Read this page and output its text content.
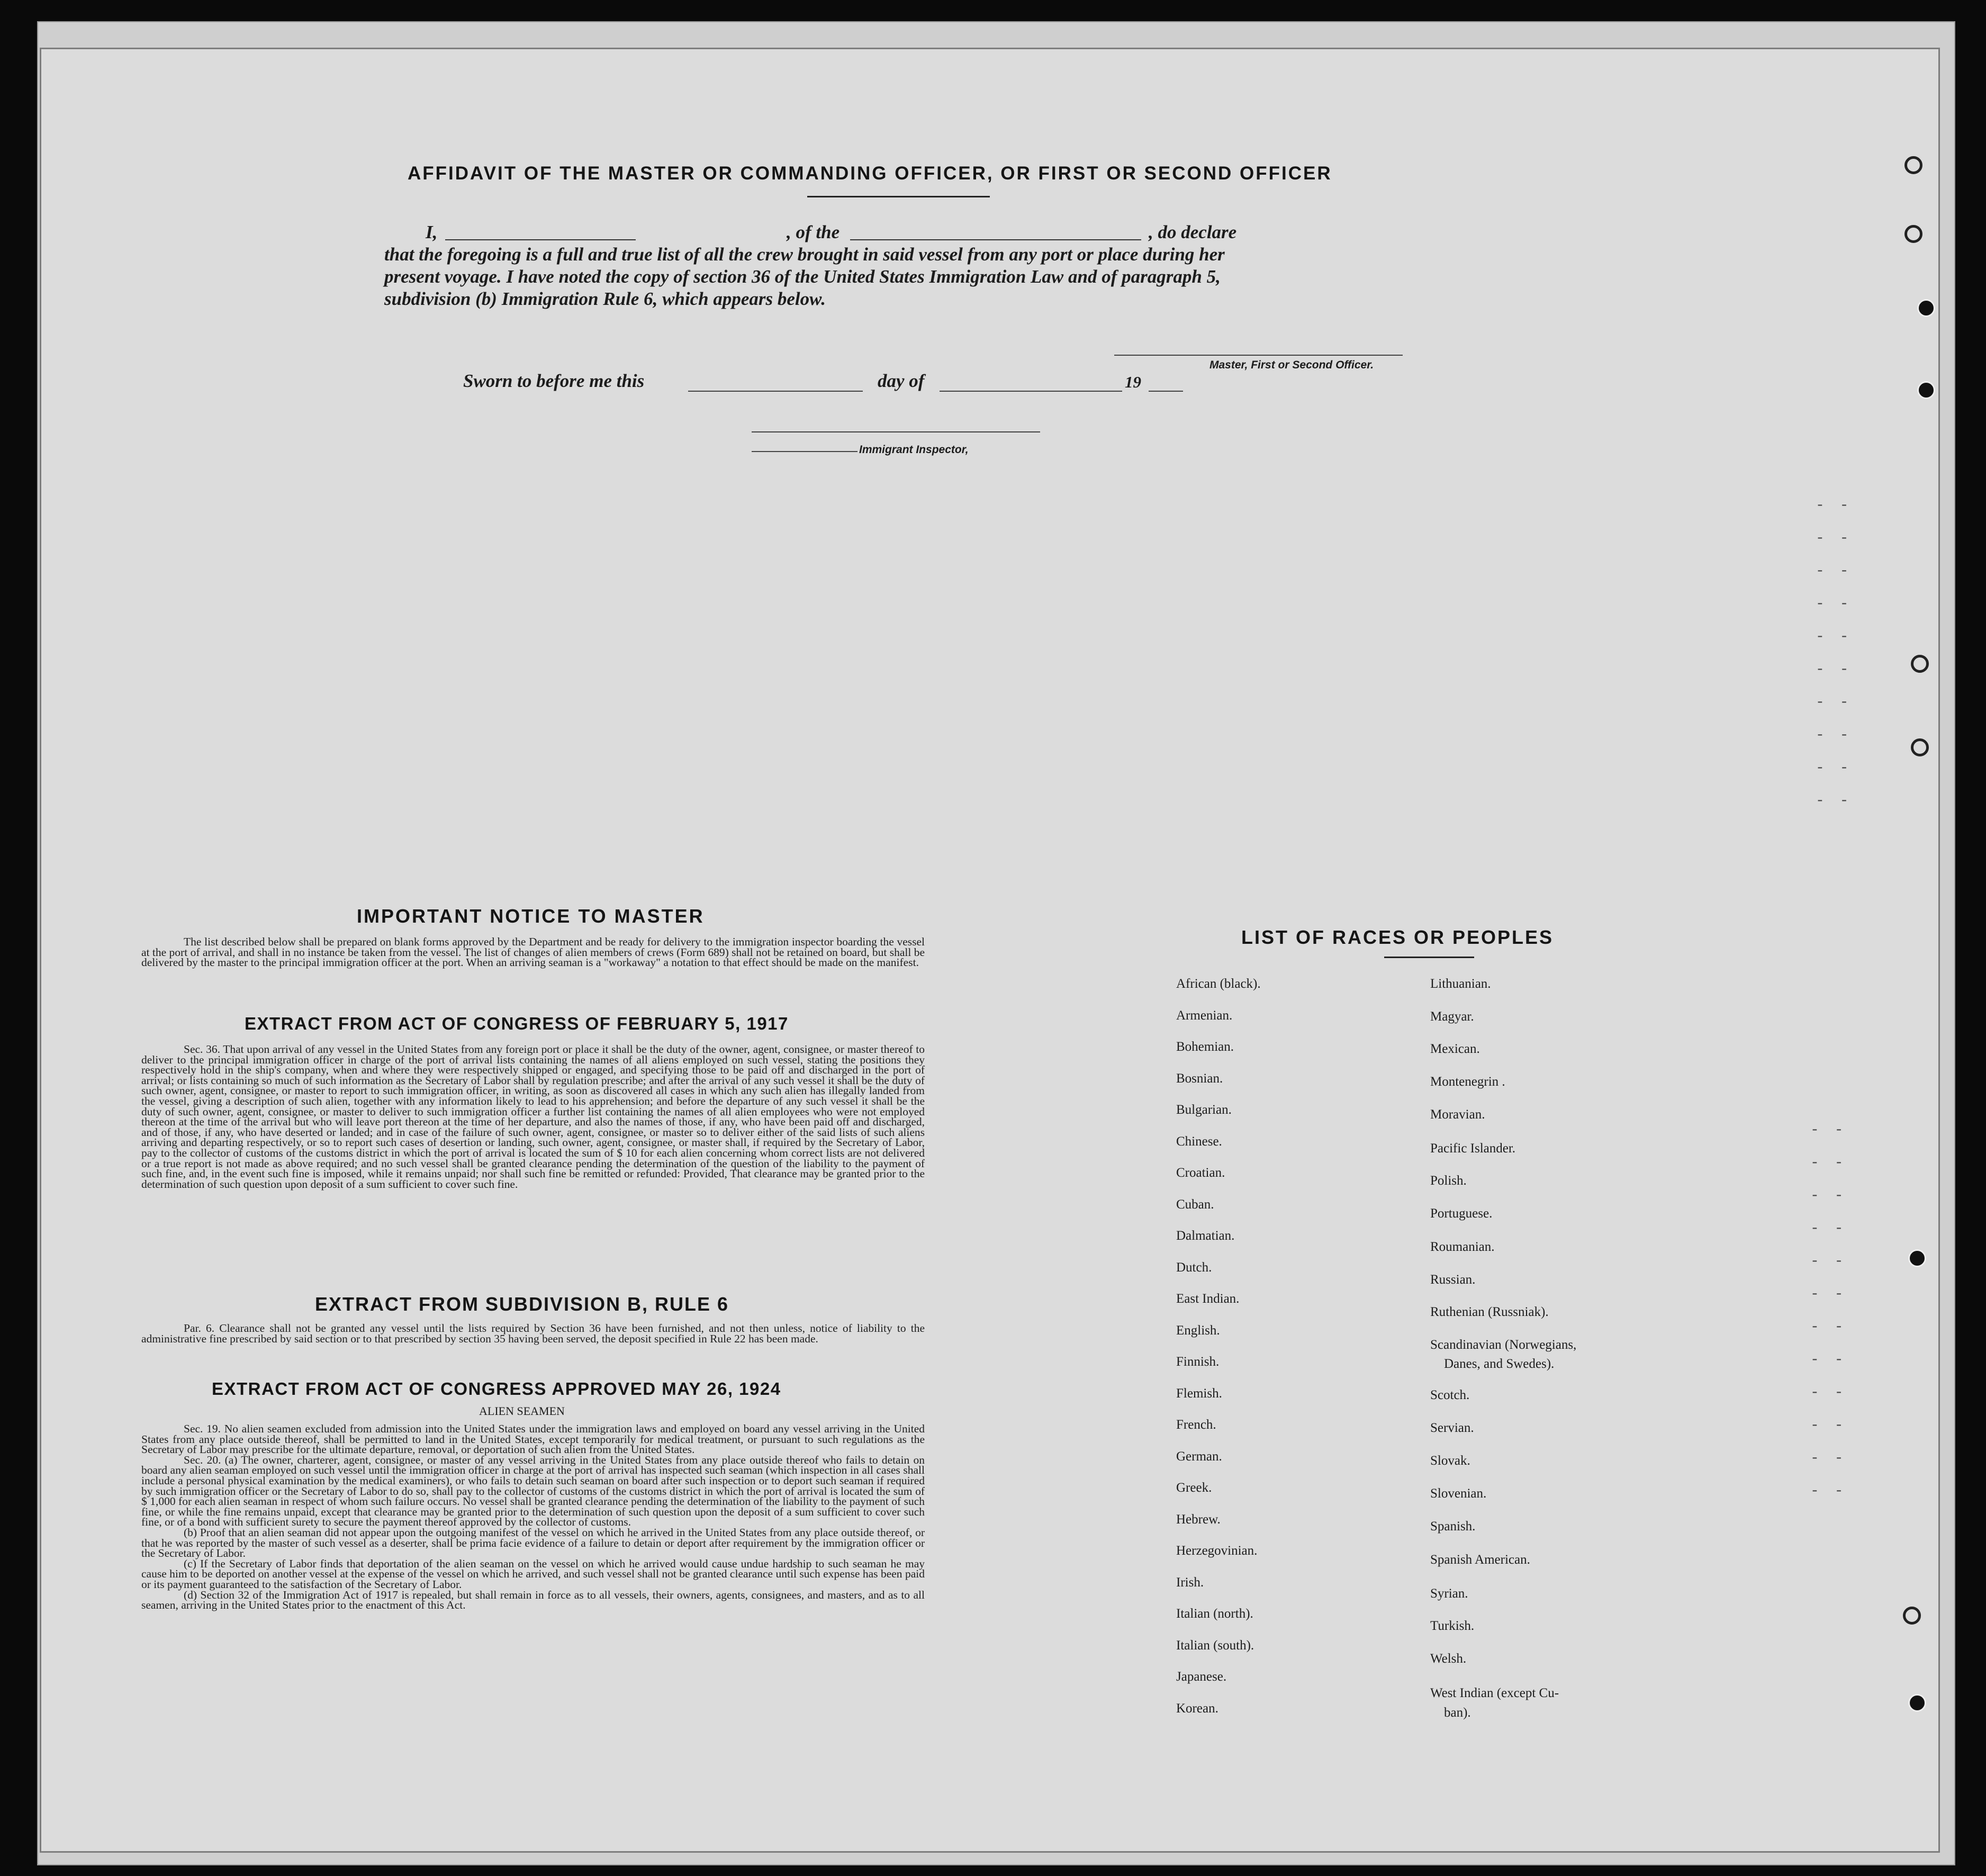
- -

- -

- -

- -

- -

- -

- -

- -

- -

- -
- -

- -

- -

- -

- -

- -

- -

- -

- -

- -

- -

- -
AFFIDAVIT OF THE MASTER OR COMMANDING OFFICER, OR FIRST OR SECOND OFFICER
I,	, of the	, do declare
that the foregoing is a full and true list of all the crew brought in said vessel from any port or place during her
present voyage. I have noted the copy of section 36 of the United States Immigration Law and of paragraph 5,
subdivision (b) Immigration Rule 6, which appears below.
Master, First or Second Officer.
Sworn to before me this	day of	19
Immigrant Inspector,
IMPORTANT NOTICE TO MASTER
The list described below shall be prepared on blank forms approved by the Department and be ready for delivery to the immigration inspector boarding the vessel at the port of arrival, and shall in no instance be taken from the vessel. The list of changes of alien members of crews (Form 689) shall not be retained on board, but shall be delivered by the master to the principal immigration officer at the port. When an arriving seaman is a "workaway" a notation to that effect should be made on the manifest.
EXTRACT FROM ACT OF CONGRESS OF FEBRUARY 5, 1917
Sec. 36. That upon arrival of any vessel in the United States from any foreign port or place it shall be the duty of the owner, agent, consignee, or master thereof to deliver to the principal immigration officer in charge of the port of arrival lists containing the names of all aliens employed on such vessel, stating the positions they respectively hold in the ship's company, when and where they were respectively shipped or engaged, and specifying those to be paid off and discharged in the port of arrival; or lists containing so much of such information as the Secretary of Labor shall by regulation prescribe; and after the arrival of any such vessel it shall be the duty of such owner, agent, consignee, or master to report to such immigration officer, in writing, as soon as discovered all cases in which any such alien has illegally landed from the vessel, giving a description of such alien, together with any information likely to lead to his apprehension; and before the departure of any such vessel it shall be the duty of such owner, agent, consignee, or master to deliver to such immigration officer a further list containing the names of all alien employees who were not employed thereon at the time of the arrival but who will leave port thereon at the time of her departure, and also the names of those, if any, who have been paid off and discharged, and of those, if any, who have deserted or landed; and in case of the failure of such owner, agent, consignee, or master so to deliver either of the said lists of such aliens arriving and departing respectively, or so to report such cases of desertion or landing, such owner, agent, consignee, or master shall, if required by the Secretary of Labor, pay to the collector of customs of the customs district in which the port of arrival is located the sum of $ 10 for each alien concerning whom correct lists are not delivered or a true report is not made as above required; and no such vessel shall be granted clearance pending the determination of the question of the liability to the payment of such fine, and, in the event such fine is imposed, while it remains unpaid; nor shall such fine be remitted or refunded: Provided, That clearance may be granted prior to the determination of such question upon deposit of a sum sufficient to cover such fine.
EXTRACT FROM SUBDIVISION B, RULE 6
Par. 6. Clearance shall not be granted any vessel until the lists required by Section 36 have been furnished, and not then unless, notice of liability to the administrative fine prescribed by said section or to that prescribed by section 35 having been served, the deposit specified in Rule 22 has been made.
EXTRACT FROM ACT OF CONGRESS APPROVED MAY 26, 1924
ALIEN SEAMEN
Sec. 19. No alien seamen excluded from admission into the United States under the immigration laws and employed on board any vessel arriving in the United States from any place outside thereof, shall be permitted to land in the United States, except temporarily for medical treatment, or pursuant to such regulations as the Secretary of Labor may prescribe for the ultimate departure, removal, or deportation of such alien from the United States.
Sec. 20. (a) The owner, charterer, agent, consignee, or master of any vessel arriving in the United States from any place outside thereof who fails to detain on board any alien seaman employed on such vessel until the immigration officer in charge at the port of arrival has inspected such seaman (which inspection in all cases shall include a personal physical examination by the medical examiners), or who fails to detain such seaman on board after such inspection or to deport such seaman if required by such immigration officer or the Secretary of Labor to do so, shall pay to the collector of customs of the customs district in which the port of arrival is located the sum of $ 1,000 for each alien seaman in respect of whom such failure occurs. No vessel shall be granted clearance pending the determination of the liability to the payment of such fine, or while the fine remains unpaid, except that clearance may be granted prior to the determination of such question upon the deposit of a sum sufficient to cover such fine, or of a bond with sufficient surety to secure the payment thereof approved by the collector of customs.
(b) Proof that an alien seaman did not appear upon the outgoing manifest of the vessel on which he arrived in the United States from any place outside thereof, or that he was reported by the master of such vessel as a deserter, shall be prima facie evidence of a failure to detain or deport after requirement by the immigration officer or the Secretary of Labor.
(c) If the Secretary of Labor finds that deportation of the alien seaman on the vessel on which he arrived would cause undue hardship to such seaman he may cause him to be deported on another vessel at the expense of the vessel on which he arrived, and such vessel shall not be granted clearance until such expense has been paid or its payment guaranteed to the satisfaction of the Secretary of Labor.
(d) Section 32 of the Immigration Act of 1917 is repealed, but shall remain in force as to all vessels, their owners, agents, consignees, and masters, and as to all seamen, arriving in the United States prior to the enactment of this Act.
LIST OF RACES OR PEOPLES
African (black).
Armenian.
Bohemian.
Bosnian.
Bulgarian.
Chinese.
Croatian.
Cuban.
Dalmatian.
Dutch.
East Indian.
English.
Finnish.
Flemish.
French.
German.
Greek.
Hebrew.
Herzegovinian.
Irish.
Italian (north).
Italian (south).
Japanese.
Korean.
Lithuanian.
Magyar.
Mexican.
Montenegrin .
Moravian.
Pacific Islander.
Polish.
Portuguese.
Roumanian.
Russian.
Ruthenian (Russniak).
Scandinavian (Norwegians,
Danes, and Swedes).
Scotch.
Servian.
Slovak.
Slovenian.
Spanish.
Spanish American.
Syrian.
Turkish.
Welsh.
West Indian (except Cu-
ban).
